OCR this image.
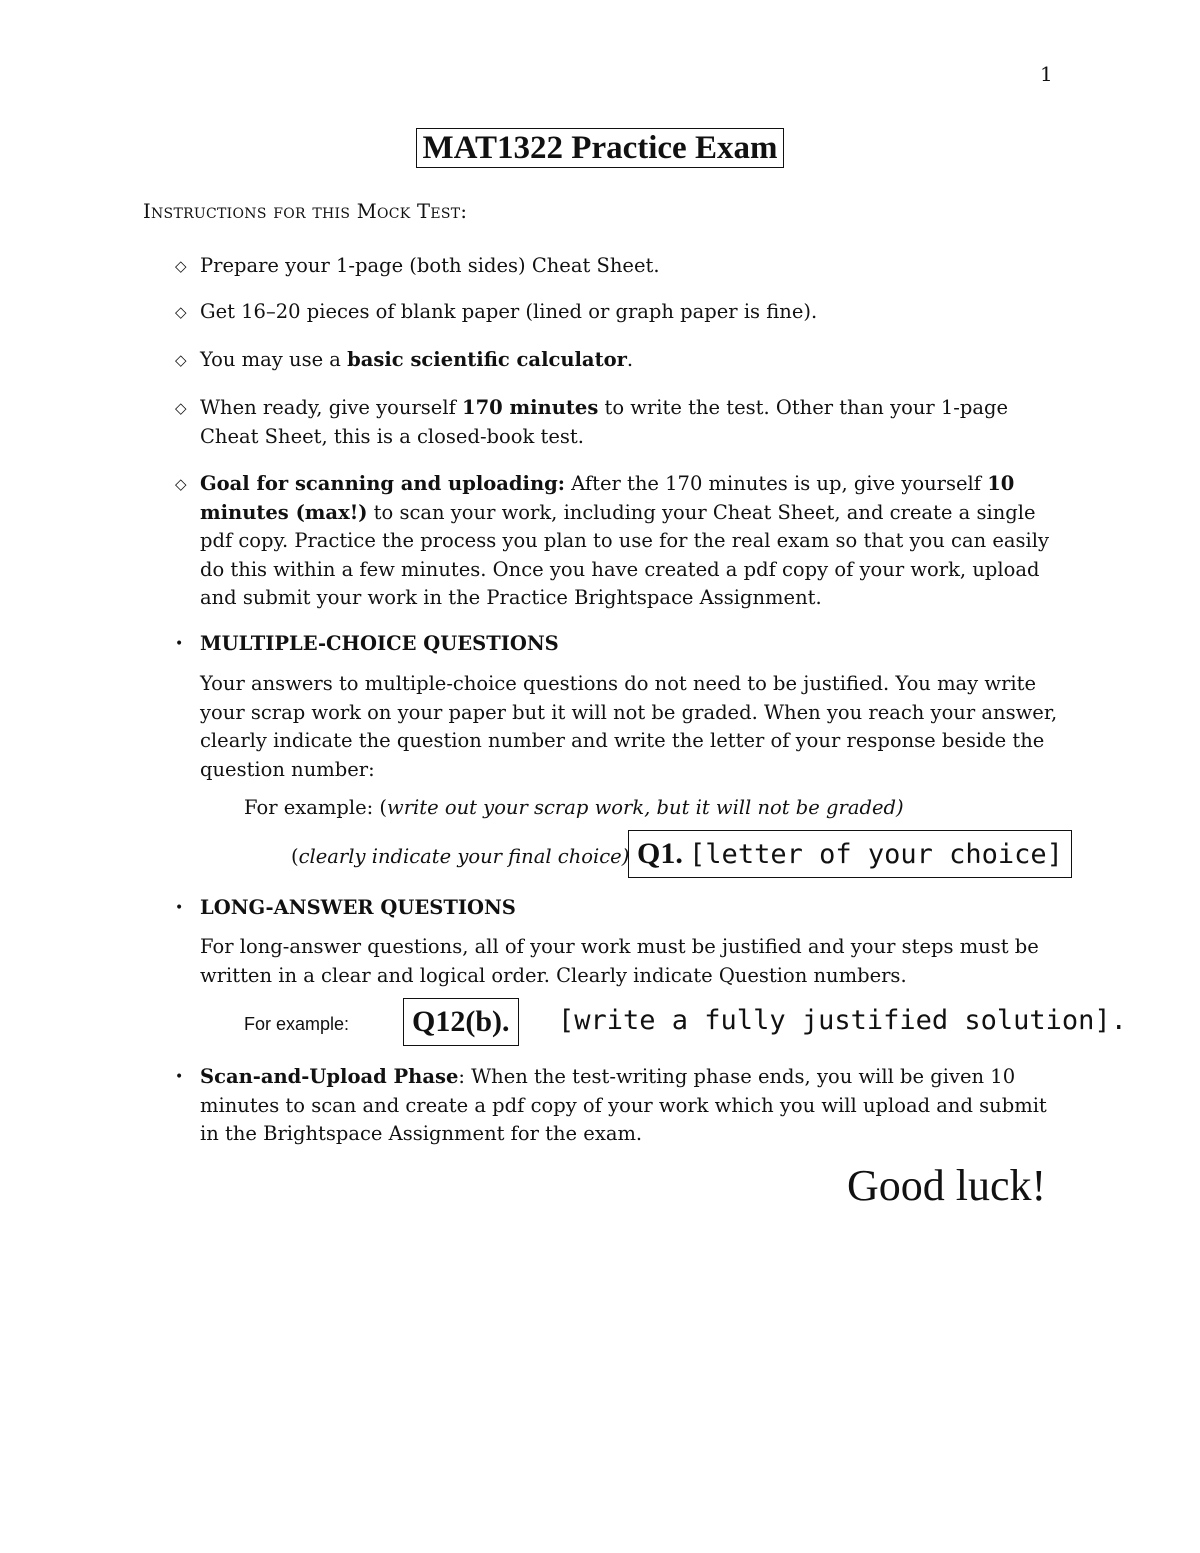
1
MAT1322 Practice Exam
Instructions for this Mock Test:
◇ Prepare your 1-page (both sides) Cheat Sheet.
◇ Get 16–20 pieces of blank paper (lined or graph paper is fine).
◇ You may use a basic scientific calculator.
◇ When ready, give yourself 170 minutes to write the test. Other than your 1-page Cheat Sheet, this is a closed-book test.
◇ Goal for scanning and uploading: After the 170 minutes is up, give yourself 10 minutes (max!) to scan your work, including your Cheat Sheet, and create a single pdf copy. Practice the process you plan to use for the real exam so that you can easily do this within a few minutes. Once you have created a pdf copy of your work, upload and submit your work in the Practice Brightspace Assignment.
• MULTIPLE-CHOICE QUESTIONS
Your answers to multiple-choice questions do not need to be justified. You may write your scrap work on your paper but it will not be graded. When you reach your answer, clearly indicate the question number and write the letter of your response beside the question number:
For example: (write out your scrap work, but it will not be graded)
(clearly indicate your final choice) Q1. [letter of your choice]
• LONG-ANSWER QUESTIONS
For long-answer questions, all of your work must be justified and your steps must be written in a clear and logical order. Clearly indicate Question numbers.
For example:	Q12(b).	[write a fully justified solution].
• Scan-and-Upload Phase: When the test-writing phase ends, you will be given 10 minutes to scan and create a pdf copy of your work which you will upload and submit in the Brightspace Assignment for the exam.
Good luck!
